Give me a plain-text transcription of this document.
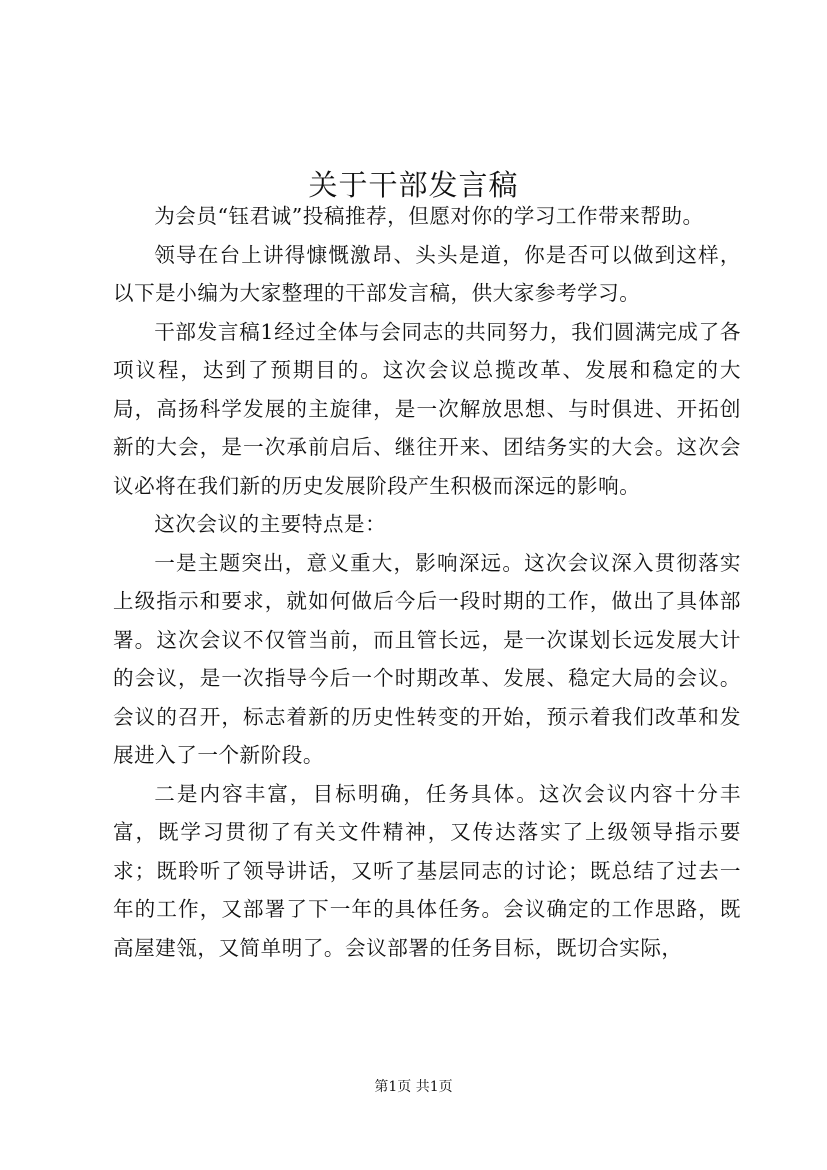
关于干部发言稿

为会员“钰君诚”投稿推荐，但愿对你的学习工作带来帮助。

领导在台上讲得慷慨激昂、头头是道，你是否可以做到这样，以下是小编为大家整理的干部发言稿，供大家参考学习。

干部发言稿1经过全体与会同志的共同努力，我们圆满完成了各项议程，达到了预期目的。这次会议总揽改革、发展和稳定的大局，高扬科学发展的主旋律，是一次解放思想、与时俱进、开拓创新的大会，是一次承前启后、继往开来、团结务实的大会。这次会议必将在我们新的历史发展阶段产生积极而深远的影响。

这次会议的主要特点是：

一是主题突出，意义重大，影响深远。这次会议深入贯彻落实上级指示和要求，就如何做后今后一段时期的工作，做出了具体部署。这次会议不仅管当前，而且管长远，是一次谋划长远发展大计的会议，是一次指导今后一个时期改革、发展、稳定大局的会议。会议的召开，标志着新的历史性转变的开始，预示着我们改革和发展进入了一个新阶段。

二是内容丰富，目标明确，任务具体。这次会议内容十分丰富，既学习贯彻了有关文件精神，又传达落实了上级领导指示要求；既聆听了领导讲话，又听了基层同志的讨论；既总结了过去一年的工作，又部署了下一年的具体任务。会议确定的工作思路，既高屋建瓴，又简单明了。会议部署的任务目标，既切合实际，

第1页 共1页
